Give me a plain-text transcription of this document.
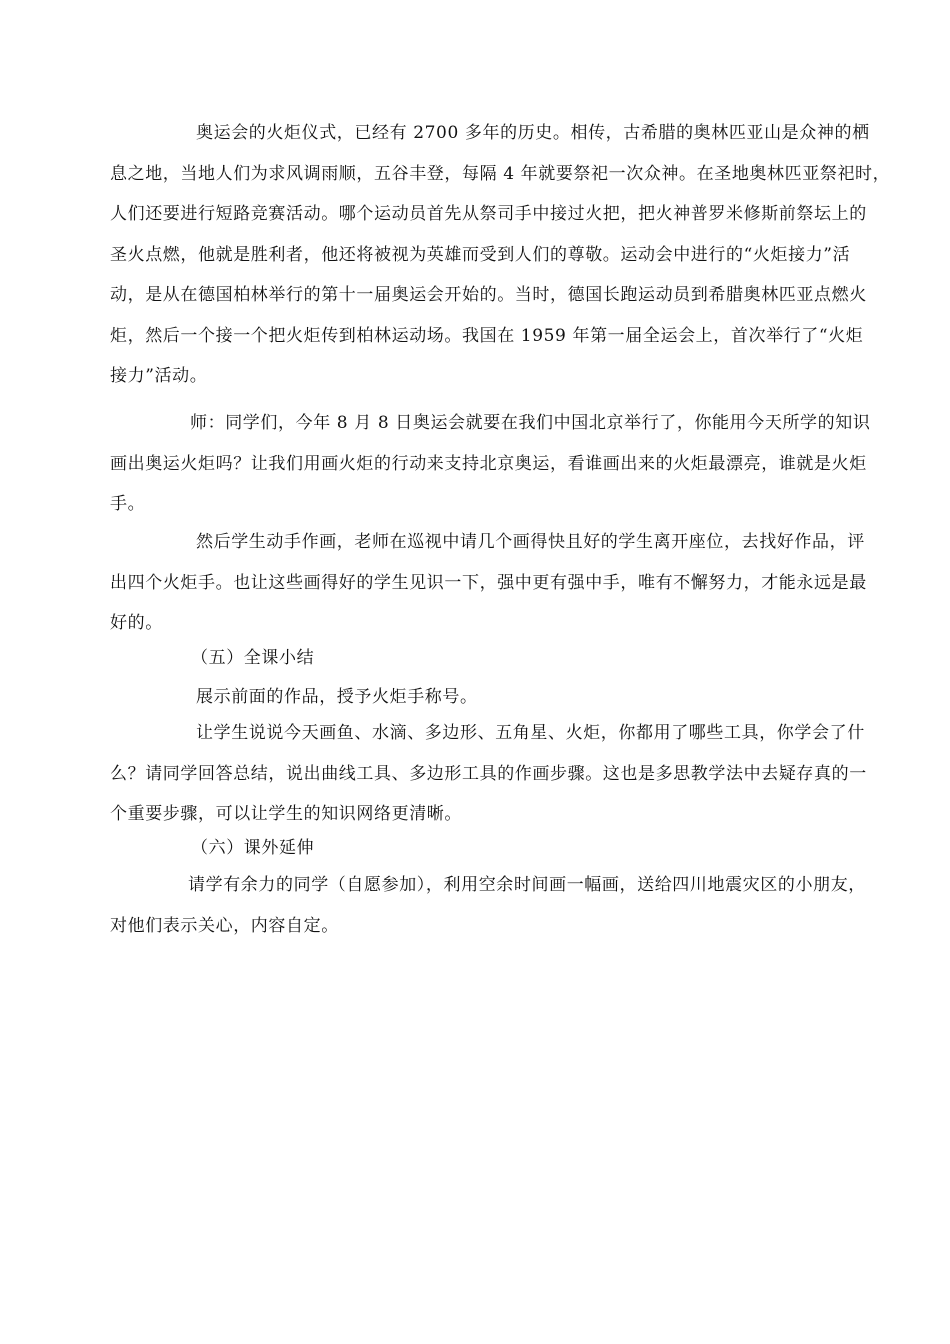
奥运会的火炬仪式，已经有 2700 多年的历史。相传，古希腊的奥林匹亚山是众神的栖
息之地，当地人们为求风调雨顺，五谷丰登，每隔 4 年就要祭祀一次众神。在圣地奥林匹亚祭祀时，
人们还要进行短路竞赛活动。哪个运动员首先从祭司手中接过火把，把火神普罗米修斯前祭坛上的
圣火点燃，他就是胜利者，他还将被视为英雄而受到人们的尊敬。运动会中进行的“火炬接力”活
动，是从在德国柏林举行的第十一届奥运会开始的。当时，德国长跑运动员到希腊奥林匹亚点燃火
炬，然后一个接一个把火炬传到柏林运动场。我国在 1959 年第一届全运会上，首次举行了“火炬
接力”活动。
师：同学们，今年 8 月 8 日奥运会就要在我们中国北京举行了，你能用今天所学的知识
画出奥运火炬吗？让我们用画火炬的行动来支持北京奥运，看谁画出来的火炬最漂亮，谁就是火炬
手。
然后学生动手作画，老师在巡视中请几个画得快且好的学生离开座位，去找好作品，评
出四个火炬手。也让这些画得好的学生见识一下，强中更有强中手，唯有不懈努力，才能永远是最
好的。
（五）全课小结
展示前面的作品，授予火炬手称号。
让学生说说今天画鱼、水滴、多边形、五角星、火炬，你都用了哪些工具，你学会了什
么？请同学回答总结，说出曲线工具、多边形工具的作画步骤。这也是多思教学法中去疑存真的一
个重要步骤，可以让学生的知识网络更清晰。
（六）课外延伸
请学有余力的同学（自愿参加），利用空余时间画一幅画，送给四川地震灾区的小朋友，
对他们表示关心，内容自定。
